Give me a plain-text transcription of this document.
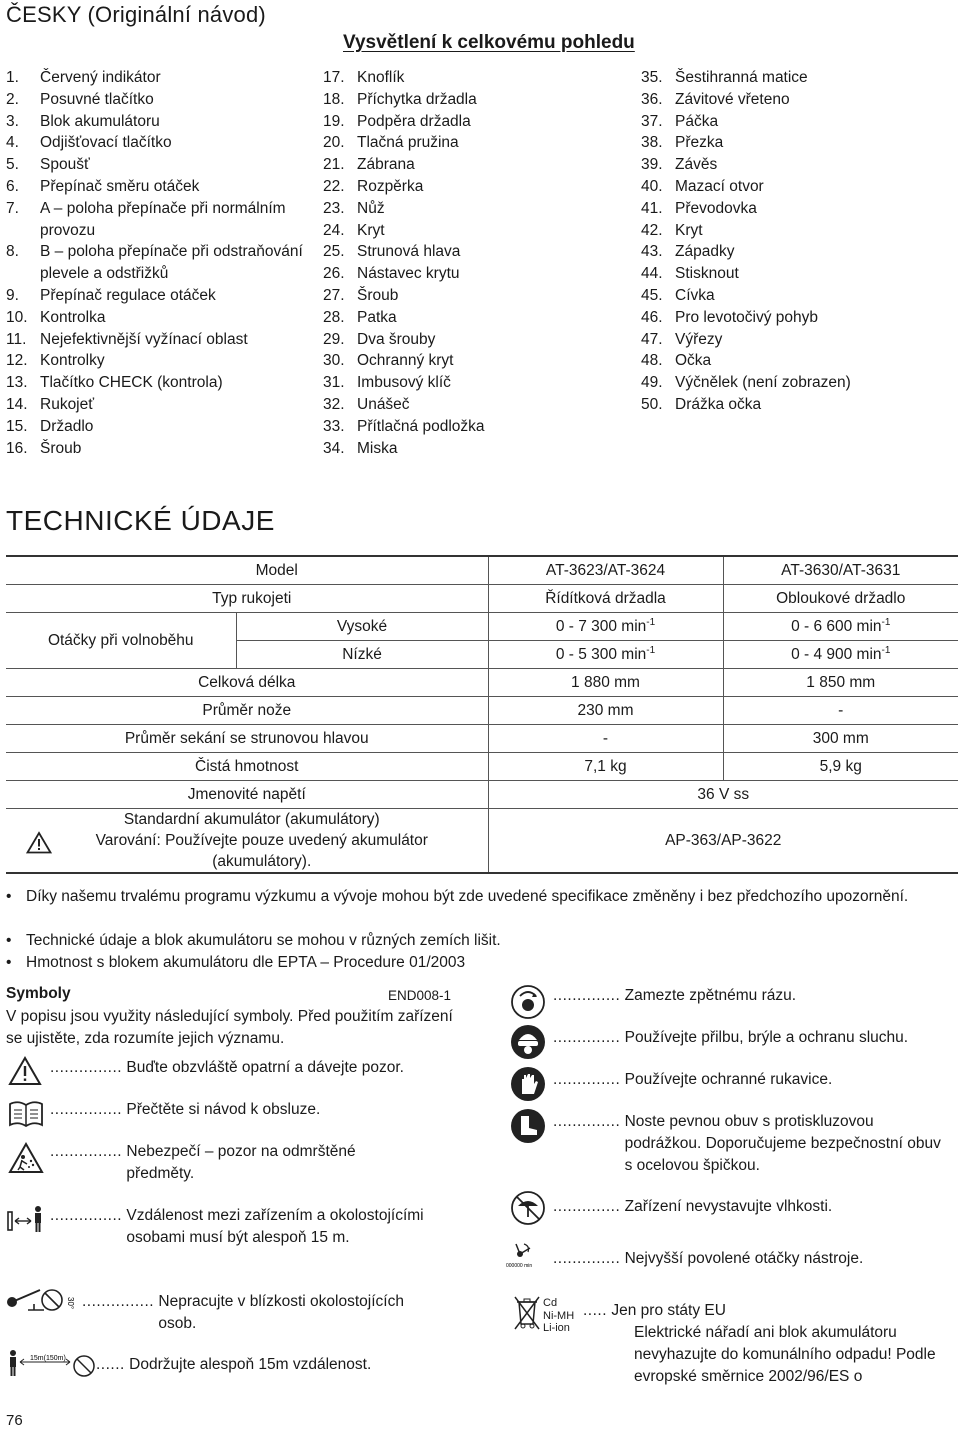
ČESKY (Originální návod)
Vysvětlení k celkovému pohledu
1. Červený indikátor
2. Posuvné tlačítko
3. Blok akumulátoru
4. Odjišťovací tlačítko
5. Spoušť
6. Přepínač směru otáček
7. A – poloha přepínače při normálním provozu
8. B – poloha přepínače při odstraňování plevele a odstřižků
9. Přepínač regulace otáček
10. Kontrolka
11. Nejefektivnější vyžínací oblast
12. Kontrolky
13. Tlačítko CHECK (kontrola)
14. Rukojeť
15. Držadlo
16. Šroub
17. Knoflík
18. Příchytka držadla
19. Podpěra držadla
20. Tlačná pružina
21. Zábrana
22. Rozpěrka
23. Nůž
24. Kryt
25. Strunová hlava
26. Nástavec krytu
27. Šroub
28. Patka
29. Dva šrouby
30. Ochranný kryt
31. Imbusový klíč
32. Unášeč
33. Přítlačná podložka
34. Miska
35. Šestihranná matice
36. Závitové vřeteno
37. Páčka
38. Přezka
39. Závěs
40. Mazací otvor
41. Převodovka
42. Kryt
43. Západky
44. Stisknout
45. Cívka
46. Pro levotočivý pohyb
47. Výřezy
48. Očka
49. Výčnělek (není zobrazen)
50. Drážka očka
TECHNICKÉ ÚDAJE
Model		AT-3623/AT-3624	AT-3630/AT-3631
Typ rukojeti		Řídítková držadla	Obloukové držadlo
Otáčky při volnoběhu	Vysoké	0 - 7 300 $\min^{-1}$	0 - 6 600 $\min^{-1}$
	Nízké	0 - 5 300 $\min^{-1}$	0 - 4 900 $\min^{-1}$
Celková délka		1 880 mm	1 850 mm
Průměr nože		230 mm	-
Průměr sekání se strunovou hlavou		-	300 mm
Čistá hmotnost		7,1 kg	5,9 kg
Jmenovité napětí		36 V ss	

Standardní akumulátor (akumulátory)
Varování: Používejte pouze uvedený akumulátor
(akumulátory).		AP-363/AP-3622	
• Díky našemu trvalému programu výzkumu a vývoje mohou být zde uvedené specifikace změněny i bez předchozího upozornění.
• Technické údaje a blok akumulátoru se mohou v různých zemích lišit.
• Hmotnost s blokem akumulátoru dle EPTA – Procedure 01/2003
Symboly	END008-1
V popisu jsou využity následující symboly. Před použitím zařízení se ujistěte, zda rozumíte jejich významu.
............... Buďte obzvláště opatrní a dávejte pozor.
............... Přečtěte si návod k obsluze.
............... Nebezpečí – pozor na odmrštěné předměty.
............... Vzdálenost mezi zařízením a okolostojícími osobami musí být alespoň 15 m.
30° ............... Nepracujte v blízkosti okolostojících osob.
15m(150m) ...... Dodržujte alespoň 15m vzdálenost.
.............. Zamezte zpětnému rázu.
.............. Používejte přilbu, brýle a ochranu sluchu.
.............. Používejte ochranné rukavice.
.............. Noste pevnou obuv s protiskluzovou podrážkou. Doporučujeme bezpečnostní obuv s ocelovou špičkou.
.............. Zařízení nevystavujte vlhkosti.
000000 min .............. Nejvyšší povolené otáčky nástroje.
Cd
Ni-MH
Li-ion
..... Jen pro státy EU
Elektrické nářadí ani blok akumulátoru nevyhazujte do komunálního odpadu! Podle evropské směrnice 2002/96/ES o
76
